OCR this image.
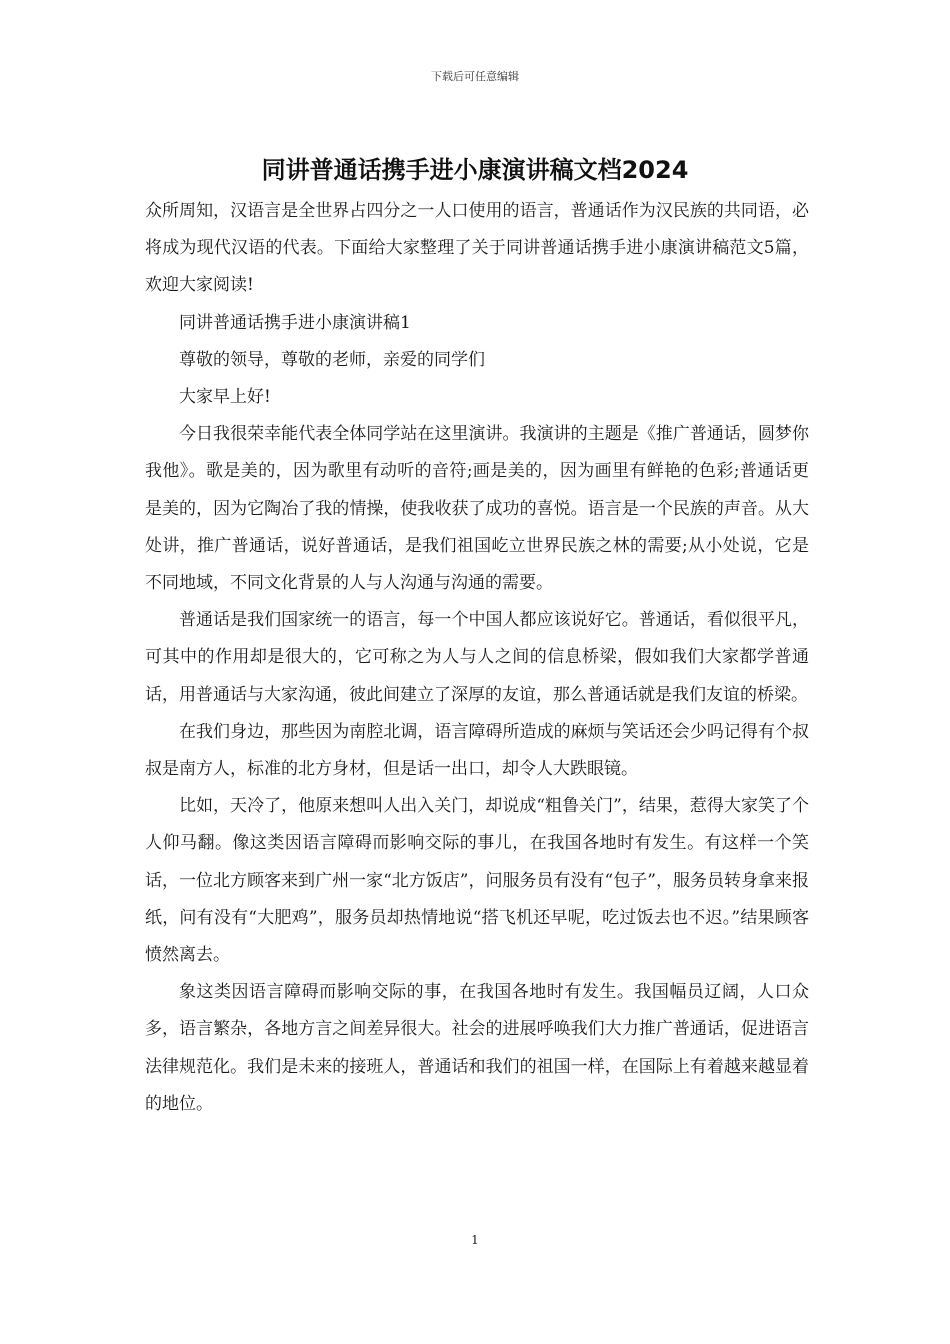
下载后可任意编辑
同讲普通话携手进小康演讲稿文档2024

众所周知，汉语言是全世界占四分之一人口使用的语言，普通话作为汉民族的共同语，必将成为现代汉语的代表。下面给大家整理了关于同讲普通话携手进小康演讲稿范文5篇，欢迎大家阅读!

同讲普通话携手进小康演讲稿1

尊敬的领导，尊敬的老师，亲爱的同学们

大家早上好!

今日我很荣幸能代表全体同学站在这里演讲。我演讲的主题是《推广普通话，圆梦你我他》。歌是美的，因为歌里有动听的音符;画是美的，因为画里有鲜艳的色彩;普通话更是美的，因为它陶冶了我的情操，使我收获了成功的喜悦。语言是一个民族的声音。从大处讲，推广普通话，说好普通话，是我们祖国屹立世界民族之林的需要;从小处说，它是不同地域，不同文化背景的人与人沟通与沟通的需要。

普通话是我们国家统一的语言，每一个中国人都应该说好它。普通话，看似很平凡，可其中的作用却是很大的，它可称之为人与人之间的信息桥梁，假如我们大家都学普通话，用普通话与大家沟通，彼此间建立了深厚的友谊，那么普通话就是我们友谊的桥梁。

在我们身边，那些因为南腔北调，语言障碍所造成的麻烦与笑话还会少吗记得有个叔叔是南方人，标准的北方身材，但是话一出口，却令人大跌眼镜。

比如，天冷了，他原来想叫人出入关门，却说成“粗鲁关门”，结果，惹得大家笑了个人仰马翻。像这类因语言障碍而影响交际的事儿，在我国各地时有发生。有这样一个笑话，一位北方顾客来到广州一家“北方饭店”，问服务员有没有“包子”，服务员转身拿来报纸，问有没有“大肥鸡”，服务员却热情地说“搭飞机还早呢，吃过饭去也不迟。”结果顾客愤然离去。

象这类因语言障碍而影响交际的事，在我国各地时有发生。我国幅员辽阔，人口众多，语言繁杂，各地方言之间差异很大。社会的进展呼唤我们大力推广普通话，促进语言法律规范化。我们是未来的接班人，普通话和我们的祖国一样，在国际上有着越来越显着的地位。

1
